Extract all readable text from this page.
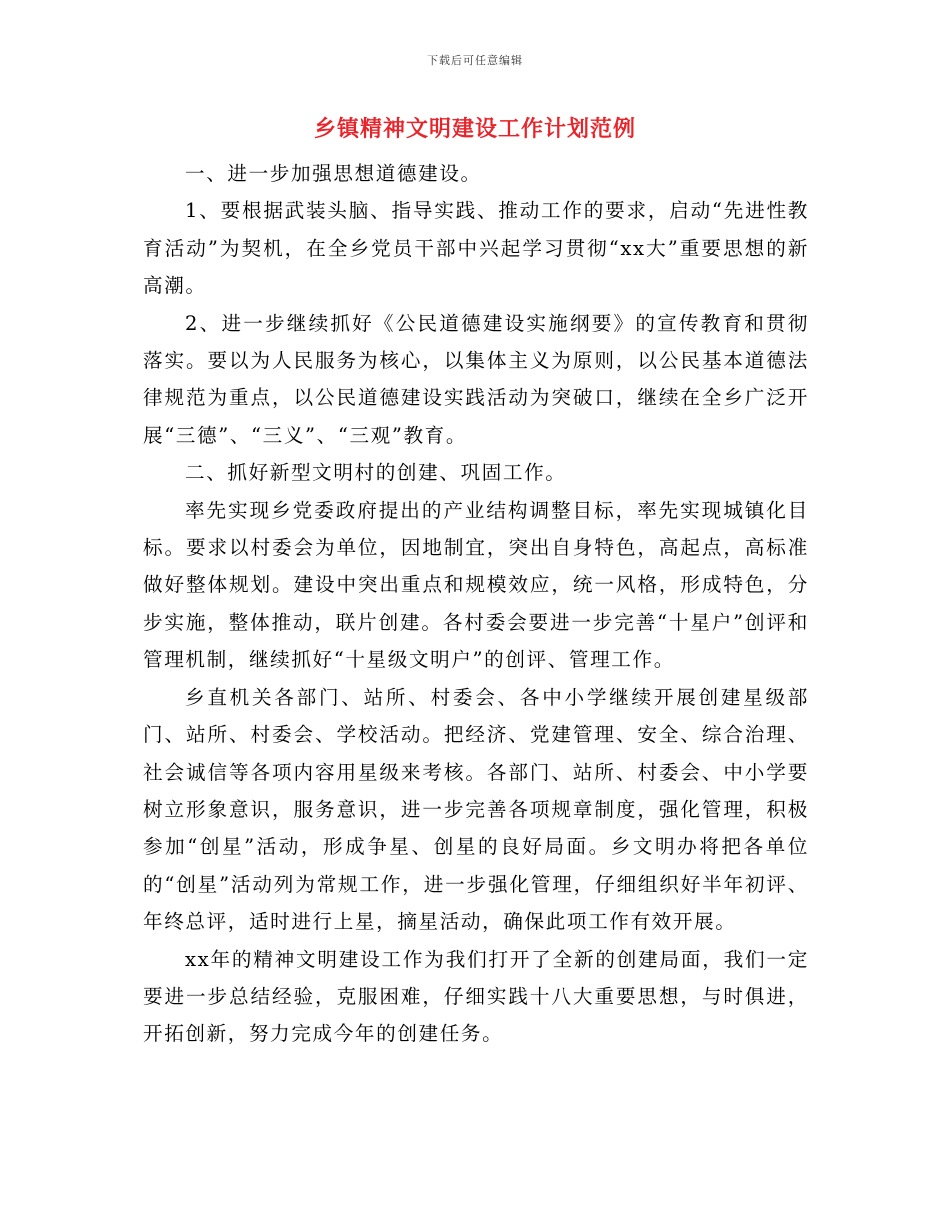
下载后可任意编辑
乡镇精神文明建设工作计划范例

一、进一步加强思想道德建设。

1、要根据武装头脑、指导实践、推动工作的要求，启动“先进性教育活动”为契机，在全乡党员干部中兴起学习贯彻“xx大”重要思想的新高潮。

2、进一步继续抓好《公民道德建设实施纲要》的宣传教育和贯彻落实。要以为人民服务为核心，以集体主义为原则，以公民基本道德法律规范为重点，以公民道德建设实践活动为突破口，继续在全乡广泛开展“三德”、“三义”、“三观”教育。

二、抓好新型文明村的创建、巩固工作。

率先实现乡党委政府提出的产业结构调整目标，率先实现城镇化目标。要求以村委会为单位，因地制宜，突出自身特色，高起点，高标准做好整体规划。建设中突出重点和规模效应，统一风格，形成特色，分步实施，整体推动，联片创建。各村委会要进一步完善“十星户”创评和管理机制，继续抓好“十星级文明户”的创评、管理工作。

乡直机关各部门、站所、村委会、各中小学继续开展创建星级部门、站所、村委会、学校活动。把经济、党建管理、安全、综合治理、社会诚信等各项内容用星级来考核。各部门、站所、村委会、中小学要树立形象意识，服务意识，进一步完善各项规章制度，强化管理，积极参加“创星”活动，形成争星、创星的良好局面。乡文明办将把各单位的“创星”活动列为常规工作，进一步强化管理，仔细组织好半年初评、年终总评，适时进行上星，摘星活动，确保此项工作有效开展。

xx年的精神文明建设工作为我们打开了全新的创建局面，我们一定要进一步总结经验，克服困难，仔细实践十八大重要思想，与时俱进，开拓创新，努力完成今年的创建任务。
